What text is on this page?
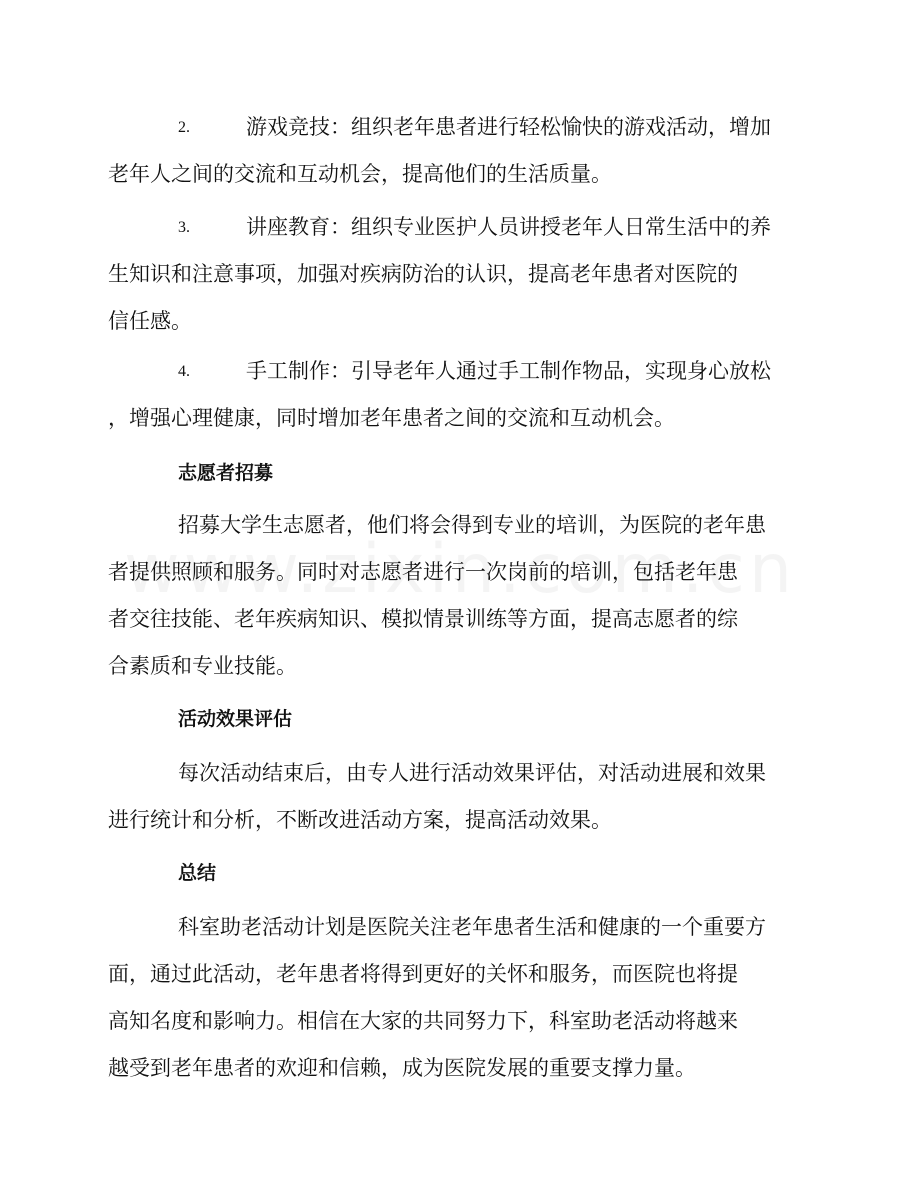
2.	游戏竞技：组织老年患者进行轻松愉快的游戏活动，增加
老年人之间的交流和互动机会，提高他们的生活质量。
3.	讲座教育：组织专业医护人员讲授老年人日常生活中的养
生知识和注意事项，加强对疾病防治的认识，提高老年患者对医院的
信任感。
4.	手工制作：引导老年人通过手工制作物品，实现身心放松
，增强心理健康，同时增加老年患者之间的交流和互动机会。
志愿者招募
招募大学生志愿者，他们将会得到专业的培训，为医院的老年患
者提供照顾和服务。同时对志愿者进行一次岗前的培训，包括老年患
者交往技能、老年疾病知识、模拟情景训练等方面，提高志愿者的综
合素质和专业技能。
活动效果评估
每次活动结束后，由专人进行活动效果评估，对活动进展和效果
进行统计和分析，不断改进活动方案，提高活动效果。
总结
科室助老活动计划是医院关注老年患者生活和健康的一个重要方
面，通过此活动，老年患者将得到更好的关怀和服务，而医院也将提
高知名度和影响力。相信在大家的共同努力下，科室助老活动将越来
越受到老年患者的欢迎和信赖，成为医院发展的重要支撑力量。
